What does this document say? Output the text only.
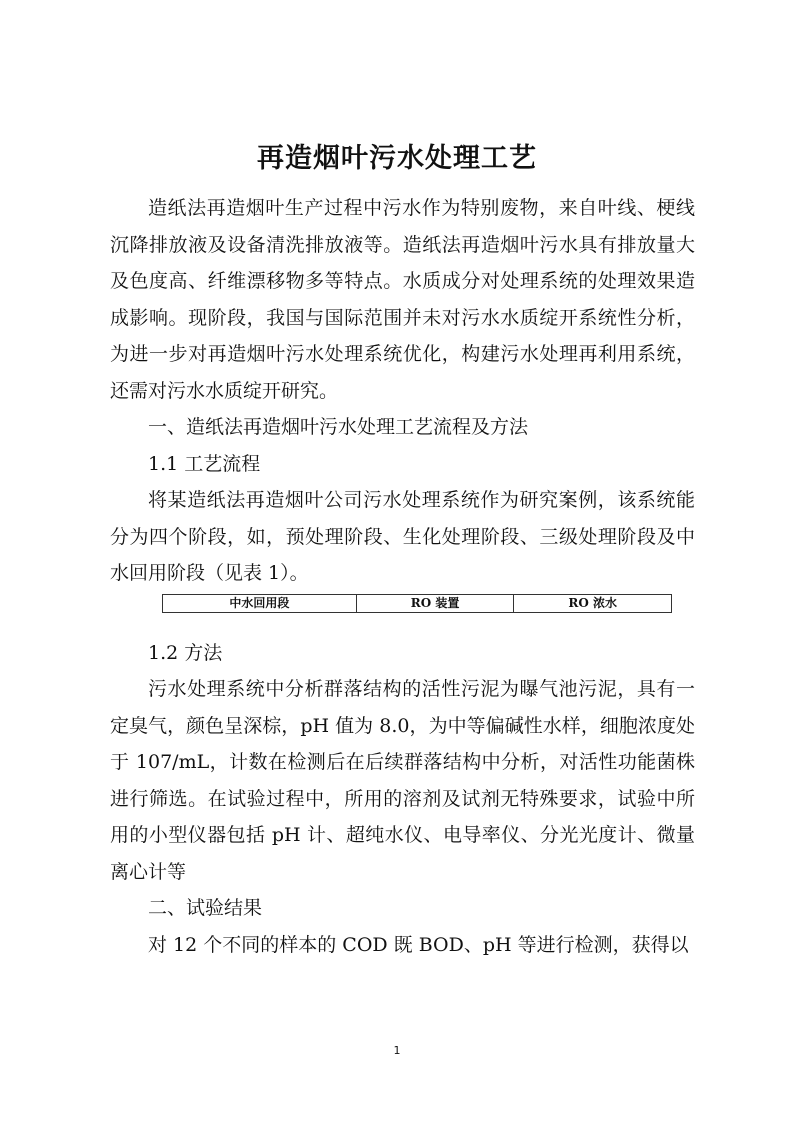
再造烟叶污水处理工艺

造纸法再造烟叶生产过程中污水作为特别废物，来自叶线、梗线沉降排放液及设备清洗排放液等。造纸法再造烟叶污水具有排放量大及色度高、纤维漂移物多等特点。水质成分对处理系统的处理效果造成影响。现阶段，我国与国际范围并未对污水水质绽开系统性分析，为进一步对再造烟叶污水处理系统优化，构建污水处理再利用系统，还需对污水水质绽开研究。

一、造纸法再造烟叶污水处理工艺流程及方法

1.1 工艺流程

将某造纸法再造烟叶公司污水处理系统作为研究案例，该系统能分为四个阶段，如，预处理阶段、生化处理阶段、三级处理阶段及中水回用阶段（见表 1）。

中水回用段	RO 装置	RO 浓水

1.2 方法

污水处理系统中分析群落结构的活性污泥为曝气池污泥，具有一定臭气，颜色呈深棕，pH 值为 8.0，为中等偏碱性水样，细胞浓度处于 107/mL，计数在检测后在后续群落结构中分析，对活性功能菌株进行筛选。在试验过程中，所用的溶剂及试剂无特殊要求，试验中所用的小型仪器包括 pH 计、超纯水仪、电导率仪、分光光度计、微量离心计等

二、试验结果

对 12 个不同的样本的 COD 既 BOD、pH 等进行检测，获得以

1
